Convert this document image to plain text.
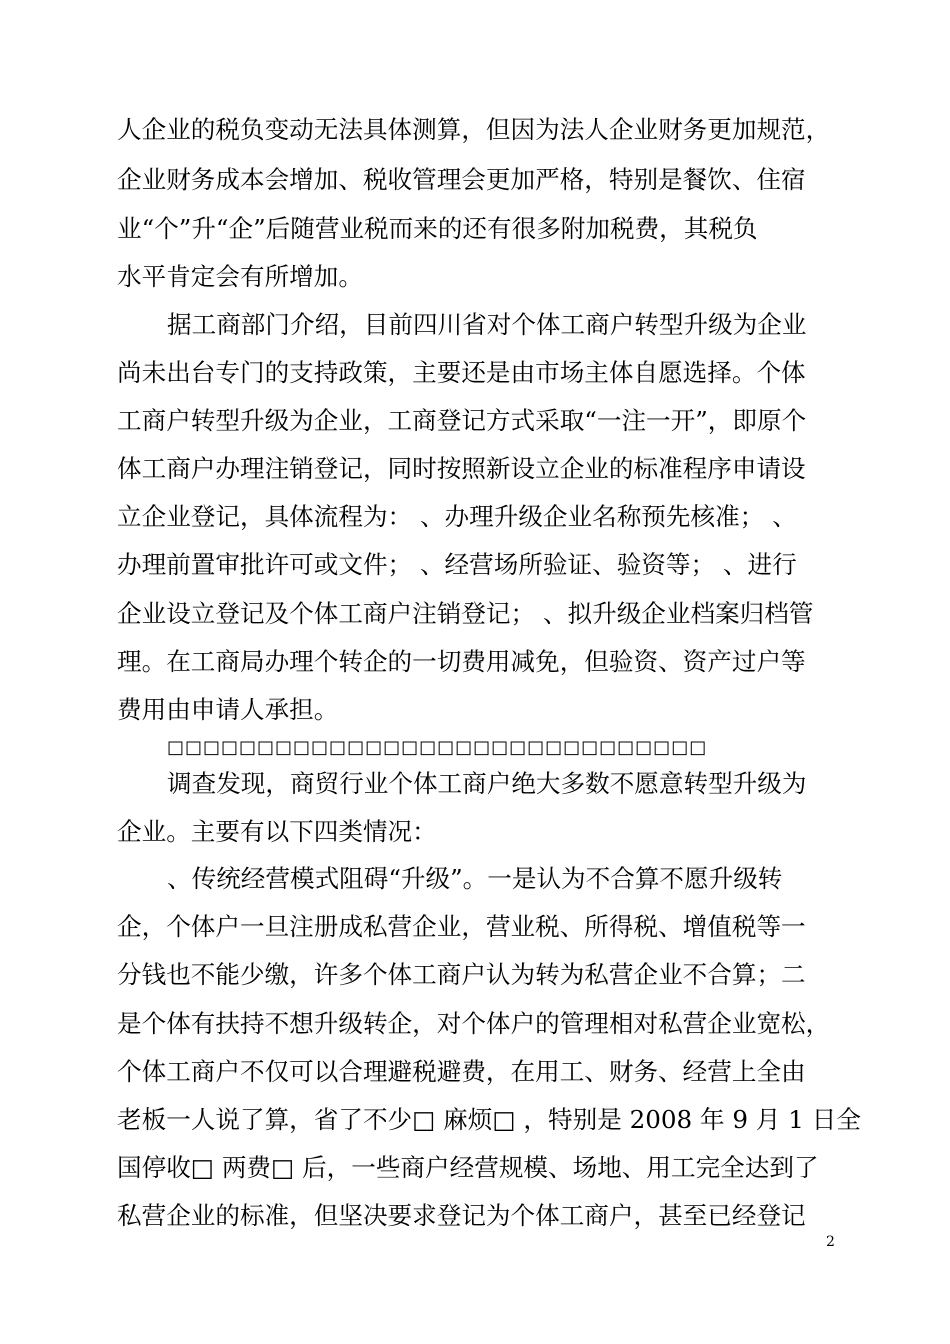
人企业的税负变动无法具体测算，但因为法人企业财务更加规范，
企业财务成本会增加、税收管理会更加严格，特别是餐饮、住宿
业“个”升“企”后随营业税而来的还有很多附加税费，其税负
水平肯定会有所增加。
据工商部门介绍，目前四川省对个体工商户转型升级为企业
尚未出台专门的支持政策，主要还是由市场主体自愿选择。个体
工商户转型升级为企业，工商登记方式采取“一注一开”，即原个
体工商户办理注销登记，同时按照新设立企业的标准程序申请设
立企业登记，具体流程为： 、办理升级企业名称预先核准； 、
办理前置审批许可或文件； 、经营场所验证、验资等； 、进行
企业设立登记及个体工商户注销登记； 、拟升级企业档案归档管
理。在工商局办理个转企的一切费用减免，但验资、资产过户等
费用由申请人承担。
□□□□□□□□□□□□□□□□□□□□□□□□□□□□□□
调查发现，商贸行业个体工商户绝大多数不愿意转型升级为
企业。主要有以下四类情况：
、传统经营模式阻碍“升级”。一是认为不合算不愿升级转
企，个体户一旦注册成私营企业，营业税、所得税、增值税等一
分钱也不能少缴，许多个体工商户认为转为私营企业不合算；二
是个体有扶持不想升级转企，对个体户的管理相对私营企业宽松，
个体工商户不仅可以合理避税避费，在用工、财务、经营上全由
老板一人说了算，省了不少□ 麻烦□ ，特别是 2008 年 9 月 1 日全
国停收□ 两费□ 后，一些商户经营规模、场地、用工完全达到了
私营企业的标准，但坚决要求登记为个体工商户，甚至已经登记
2
